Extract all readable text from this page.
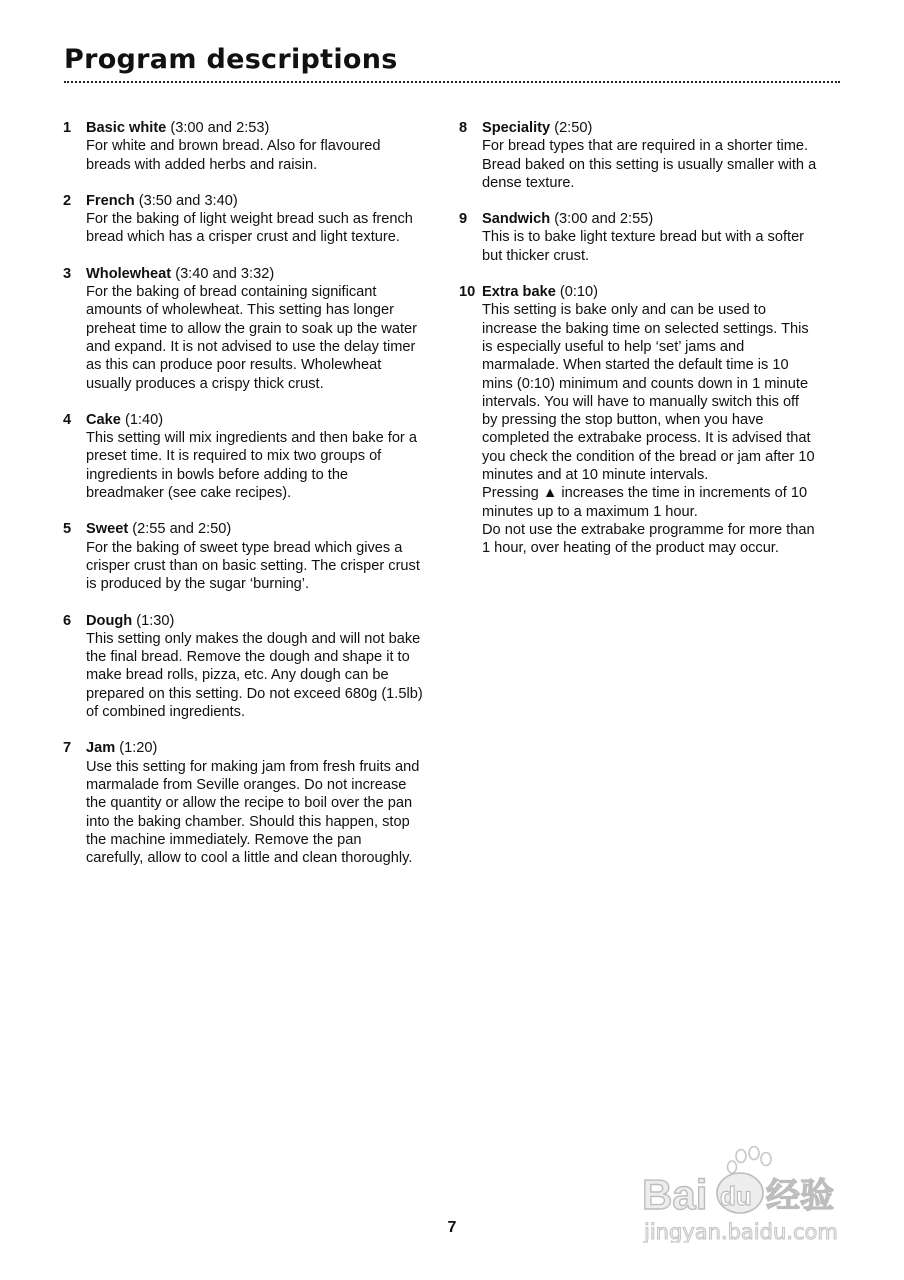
Program descriptions
1 Basic white (3:00 and 2:53)

For white and brown bread. Also for flavoured
breads with added herbs and raisin.

2 French (3:50 and 3:40)

For the baking of light weight bread such as french
bread which has a crisper crust and light texture.

3 Wholewheat (3:40 and 3:32)

For the baking of bread containing significant
amounts of wholewheat. This setting has longer
preheat time to allow the grain to soak up the water
and expand. It is not advised to use the delay timer
as this can produce poor results. Wholewheat
usually produces a crispy thick crust.

4 Cake (1:40)

This setting will mix ingredients and then bake for a
preset time. It is required to mix two groups of
ingredients in bowls before adding to the
breadmaker (see cake recipes).

5 Sweet (2:55 and 2:50)

For the baking of sweet type bread which gives a
crisper crust than on basic setting. The crisper crust
is produced by the sugar ‘burning’.

6 Dough (1:30)

This setting only makes the dough and will not bake
the final bread. Remove the dough and shape it to
make bread rolls, pizza, etc. Any dough can be
prepared on this setting. Do not exceed 680g (1.5lb)
of combined ingredients.

7 Jam (1:20)

Use this setting for making jam from fresh fruits and
marmalade from Seville oranges. Do not increase
the quantity or allow the recipe to boil over the pan
into the baking chamber. Should this happen, stop
the machine immediately. Remove the pan
carefully, allow to cool a little and clean thoroughly.

8 Speciality (2:50)

For bread types that are required in a shorter time.
Bread baked on this setting is usually smaller with a
dense texture.

9 Sandwich (3:00 and 2:55)

This is to bake light texture bread but with a softer
but thicker crust.

10 Extra bake (0:10)

This setting is bake only and can be used to
increase the baking time on selected settings. This
is especially useful to help ‘set’ jams and
marmalade. When started the default time is 10
mins (0:10) minimum and counts down in 1 minute
intervals. You will have to manually switch this off
by pressing the stop button, when you have
completed the extrabake process. It is advised that
you check the condition of the bread or jam after 10
minutes and at 10 minute intervals.
Pressing ▲ increases the time in increments of 10
minutes up to a maximum 1 hour.
Do not use the extrabake programme for more than
1 hour, over heating of the product may occur.

7
Bai du 经验
jingyan.baidu.com
